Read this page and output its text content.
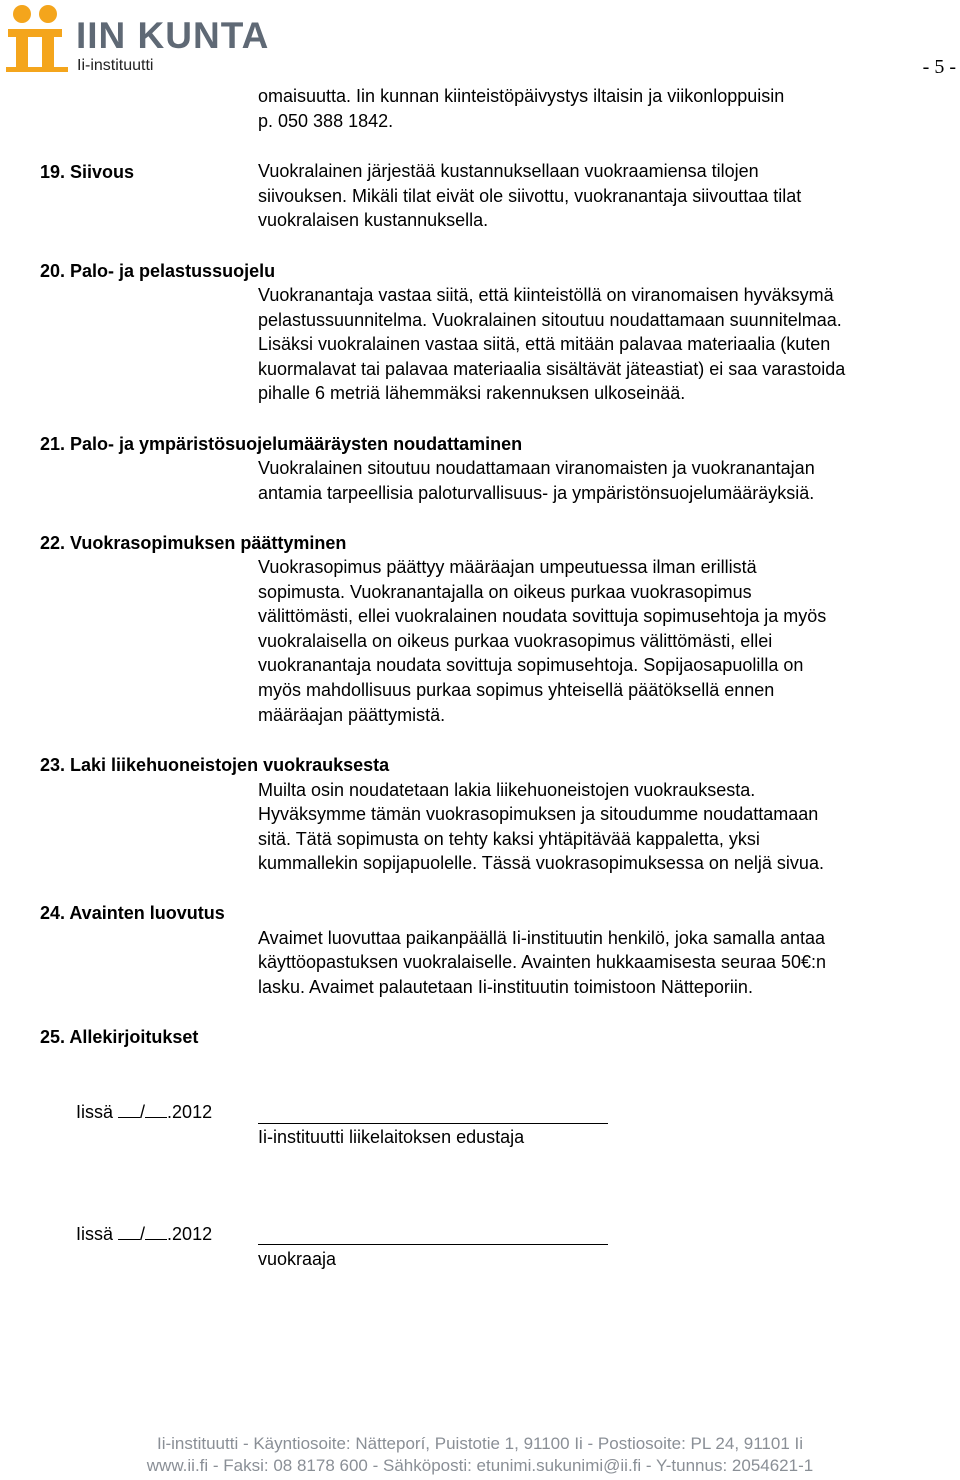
IIN KUNTA
Ii-instituutti	- 5 -
omaisuutta. Iin kunnan kiinteistöpäivystys iltaisin ja viikonloppuisin
p. 050 388 1842.
19. Siivous	Vuokralainen järjestää kustannuksellaan vuokraamiensa tilojen
siivouksen. Mikäli tilat eivät ole siivottu, vuokranantaja siivouttaa tilat
vuokralaisen kustannuksella.
20. Palo- ja pelastussuojelu
Vuokranantaja vastaa siitä, että kiinteistöllä on viranomaisen hyväksymä
pelastussuunnitelma. Vuokralainen sitoutuu noudattamaan suunnitelmaa.
Lisäksi vuokralainen vastaa siitä, että mitään palavaa materiaalia (kuten
kuormalavat tai palavaa materiaalia sisältävät jäteastiat) ei saa varastoida
pihalle 6 metriä lähemmäksi rakennuksen ulkoseinää.
21. Palo- ja ympäristösuojelumääräysten noudattaminen
Vuokralainen sitoutuu noudattamaan viranomaisten ja vuokranantajan
antamia tarpeellisia paloturvallisuus- ja ympäristönsuojelumääräyksiä.
22. Vuokrasopimuksen päättyminen
Vuokrasopimus päättyy määräajan umpeutuessa ilman erillistä
sopimusta. Vuokranantajalla on oikeus purkaa vuokrasopimus
välittömästi, ellei vuokralainen noudata sovittuja sopimusehtoja ja myös
vuokralaisella on oikeus purkaa vuokrasopimus välittömästi, ellei
vuokranantaja noudata sovittuja sopimusehtoja. Sopijaosapuolilla on
myös mahdollisuus purkaa sopimus yhteisellä päätöksellä ennen
määräajan päättymistä.
23. Laki liikehuoneistojen vuokrauksesta
Muilta osin noudatetaan lakia liikehuoneistojen vuokrauksesta.
Hyväksymme tämän vuokrasopimuksen ja sitoudumme noudattamaan
sitä. Tätä sopimusta on tehty kaksi yhtäpitävää kappaletta, yksi
kummallekin sopijapuolelle. Tässä vuokrasopimuksessa on neljä sivua.
24. Avainten luovutus
Avaimet luovuttaa paikanpäällä Ii-instituutin henkilö, joka samalla antaa
käyttöopastuksen vuokralaiselle. Avainten hukkaamisesta seuraa 50€:n
lasku. Avaimet palautetaan Ii-instituutin toimistoon Nätteporiin.
25. Allekirjoitukset
Iissä / .2012
Ii-instituutti liikelaitoksen edustaja
Iissä / .2012
vuokraaja
Ii-instituutti - Käyntiosoite: Nätteporí, Puistotie 1, 91100 Ii - Postiosoite: PL 24, 91101 Ii
www.ii.fi - Faksi: 08 8178 600 - Sähköposti: etunimi.sukunimi@ii.fi - Y-tunnus: 2054621-1
